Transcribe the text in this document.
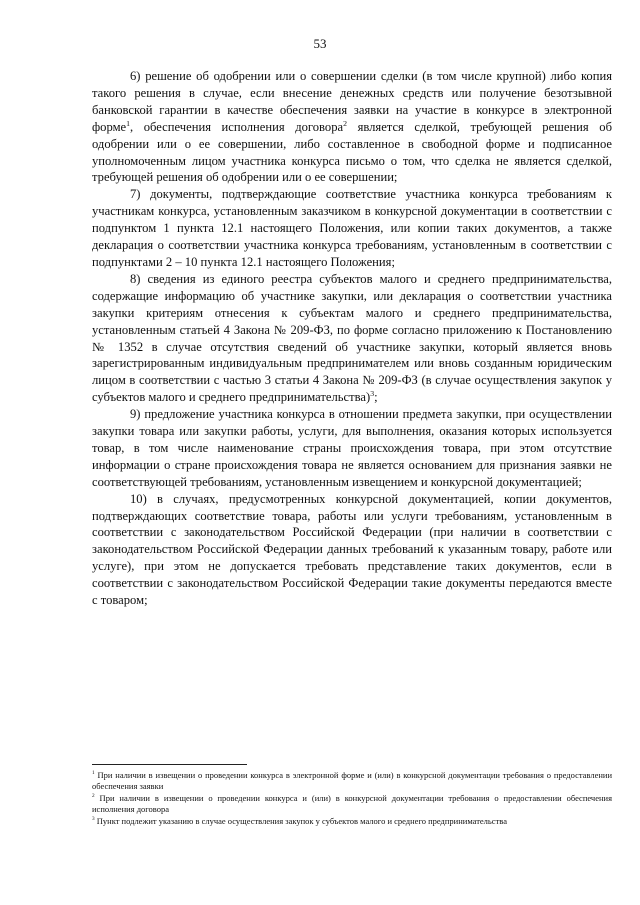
53

6) решение об одобрении или о совершении сделки (в том числе крупной) либо копия такого решения в случае, если внесение денежных средств или получение безотзывной банковской гарантии в качестве обеспечения заявки на участие в конкурсе в электронной форме$^1$, обеспечения исполнения договора$^2$ является сделкой, требующей решения об одобрении или о ее совершении, либо составленное в свободной форме и подписанное уполномоченным лицом участника конкурса письмо о том, что сделка не является сделкой, требующей решения об одобрении или о ее совершении;

7) документы, подтверждающие соответствие участника конкурса требованиям к участникам конкурса, установленным заказчиком в конкурсной документации в соответствии с подпунктом 1 пункта 12.1 настоящего Положения, или копии таких документов, а также декларация о соответствии участника конкурса требованиям, установленным в соответствии с подпунктами 2 – 10 пункта 12.1 настоящего Положения;

8) сведения из единого реестра субъектов малого и среднего предпринимательства, содержащие информацию об участнике закупки, или декларация о соответствии участника закупки критериям отнесения к субъектам малого и среднего предпринимательства, установленным статьей 4 Закона № 209-ФЗ, по форме согласно приложению к Постановлению № 1352 в случае отсутствия сведений об участнике закупки, который является вновь зарегистрированным индивидуальным предпринимателем или вновь созданным юридическим лицом в соответствии с частью 3 статьи 4 Закона № 209-ФЗ (в случае осуществления закупок у субъектов малого и среднего предпринимательства)$^3$;

9) предложение участника конкурса в отношении предмета закупки, при осуществлении закупки товара или закупки работы, услуги, для выполнения, оказания которых используется товар, в том числе наименование страны происхождения товара, при этом отсутствие информации о стране происхождения товара не является основанием для признания заявки не соответствующей требованиям, установленным извещением и конкурсной документацией;

10) в случаях, предусмотренных конкурсной документацией, копии документов, подтверждающих соответствие товара, работы или услуги требованиям, установленным в соответствии с законодательством Российской Федерации (при наличии в соответствии с законодательством Российской Федерации данных требований к указанным товару, работе или услуге), при этом не допускается требовать представление таких документов, если в соответствии с законодательством Российской Федерации такие документы передаются вместе с товаром;

$^1$ При наличии в извещении о проведении конкурса в электронной форме и (или) в конкурсной документации требования о предоставлении обеспечения заявки

$^2$ При наличии в извещении о проведении конкурса и (или) в конкурсной документации требования о предоставлении обеспечения исполнения договора

$^3$ Пункт подлежит указанию в случае осуществления закупок у субъектов малого и среднего предпринимательства
